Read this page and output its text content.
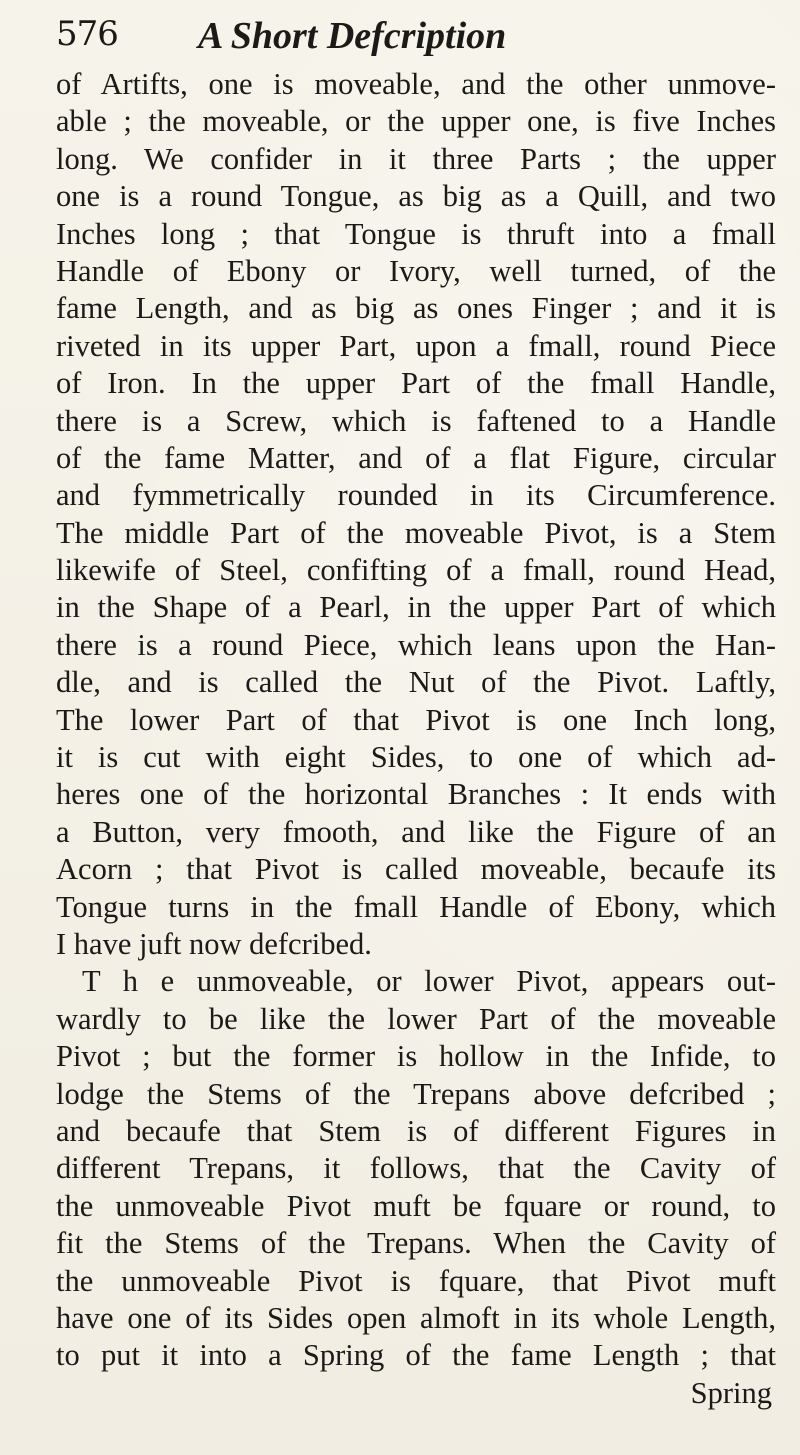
576 A Short Defcription
of Artifts, one is moveable, and the other unmove-
able ; the moveable, or the upper one, is five Inches
long. We confider in it three Parts ; the upper
one is a round Tongue, as big as a Quill, and two
Inches long ; that Tongue is thruft into a fmall
Handle of Ebony or Ivory, well turned, of the
fame Length, and as big as ones Finger ; and it is
riveted in its upper Part, upon a fmall, round Piece
of Iron. In the upper Part of the fmall Handle,
there is a Screw, which is faftened to a Handle
of the fame Matter, and of a flat Figure, circular
and fymmetrically rounded in its Circumference.
The middle Part of the moveable Pivot, is a Stem
likewife of Steel, confifting of a fmall, round Head,
in the Shape of a Pearl, in the upper Part of which
there is a round Piece, which leans upon the Han-
dle, and is called the Nut of the Pivot. Laftly,
The lower Part of that Pivot is one Inch long,
it is cut with eight Sides, to one of which ad-
heres one of the horizontal Branches : It ends with
a Button, very fmooth, and like the Figure of an
Acorn ; that Pivot is called moveable, becaufe its
Tongue turns in the fmall Handle of Ebony, which
I have juft now defcribed.
T h e unmoveable, or lower Pivot, appears out-
wardly to be like the lower Part of the moveable
Pivot ; but the former is hollow in the Infide, to
lodge the Stems of the Trepans above defcribed ;
and becaufe that Stem is of different Figures in
different Trepans, it follows, that the Cavity of
the unmoveable Pivot muft be fquare or round, to
fit the Stems of the Trepans. When the Cavity of
the unmoveable Pivot is fquare, that Pivot muft
have one of its Sides open almoft in its whole Length,
to put it into a Spring of the fame Length ; that
Spring
